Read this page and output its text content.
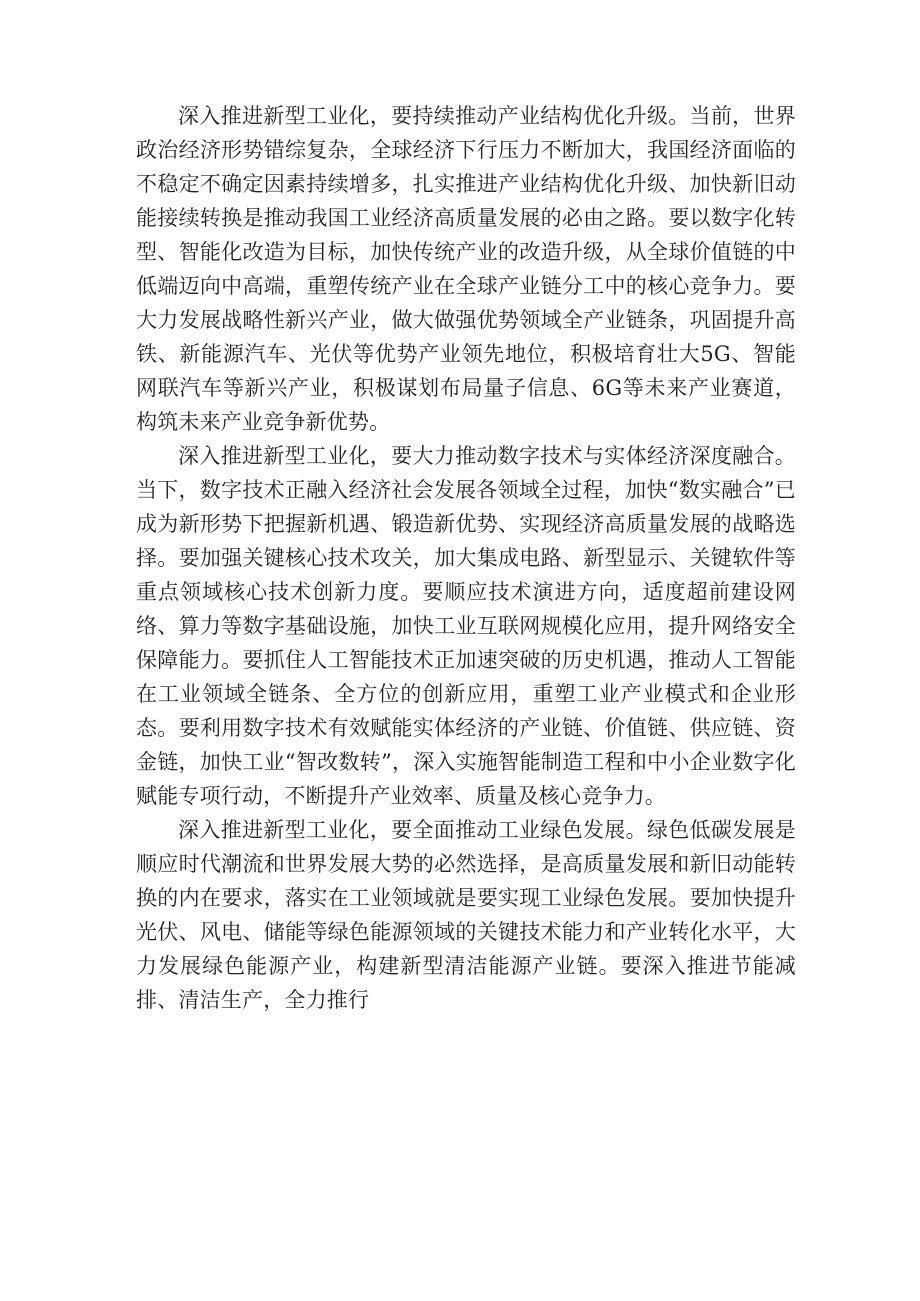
深入推进新型工业化，要持续推动产业结构优化升级。当前，世界政治经济形势错综复杂，全球经济下行压力不断加大，我国经济面临的不稳定不确定因素持续增多，扎实推进产业结构优化升级、加快新旧动能接续转换是推动我国工业经济高质量发展的必由之路。要以数字化转型、智能化改造为目标，加快传统产业的改造升级，从全球价值链的中低端迈向中高端，重塑传统产业在全球产业链分工中的核心竞争力。要大力发展战略性新兴产业，做大做强优势领域全产业链条，巩固提升高铁、新能源汽车、光伏等优势产业领先地位，积极培育壮大5G、智能网联汽车等新兴产业，积极谋划布局量子信息、6G等未来产业赛道，构筑未来产业竞争新优势。

深入推进新型工业化，要大力推动数字技术与实体经济深度融合。当下，数字技术正融入经济社会发展各领域全过程，加快“数实融合”已成为新形势下把握新机遇、锻造新优势、实现经济高质量发展的战略选择。要加强关键核心技术攻关，加大集成电路、新型显示、关键软件等重点领域核心技术创新力度。要顺应技术演进方向，适度超前建设网络、算力等数字基础设施，加快工业互联网规模化应用，提升网络安全保障能力。要抓住人工智能技术正加速突破的历史机遇，推动人工智能在工业领域全链条、全方位的创新应用，重塑工业产业模式和企业形态。要利用数字技术有效赋能实体经济的产业链、价值链、供应链、资金链，加快工业“智改数转”，深入实施智能制造工程和中小企业数字化赋能专项行动，不断提升产业效率、质量及核心竞争力。

深入推进新型工业化，要全面推动工业绿色发展。绿色低碳发展是顺应时代潮流和世界发展大势的必然选择，是高质量发展和新旧动能转换的内在要求，落实在工业领域就是要实现工业绿色发展。要加快提升光伏、风电、储能等绿色能源领域的关键技术能力和产业转化水平，大力发展绿色能源产业，构建新型清洁能源产业链。要深入推进节能减排、清洁生产，全力推行
